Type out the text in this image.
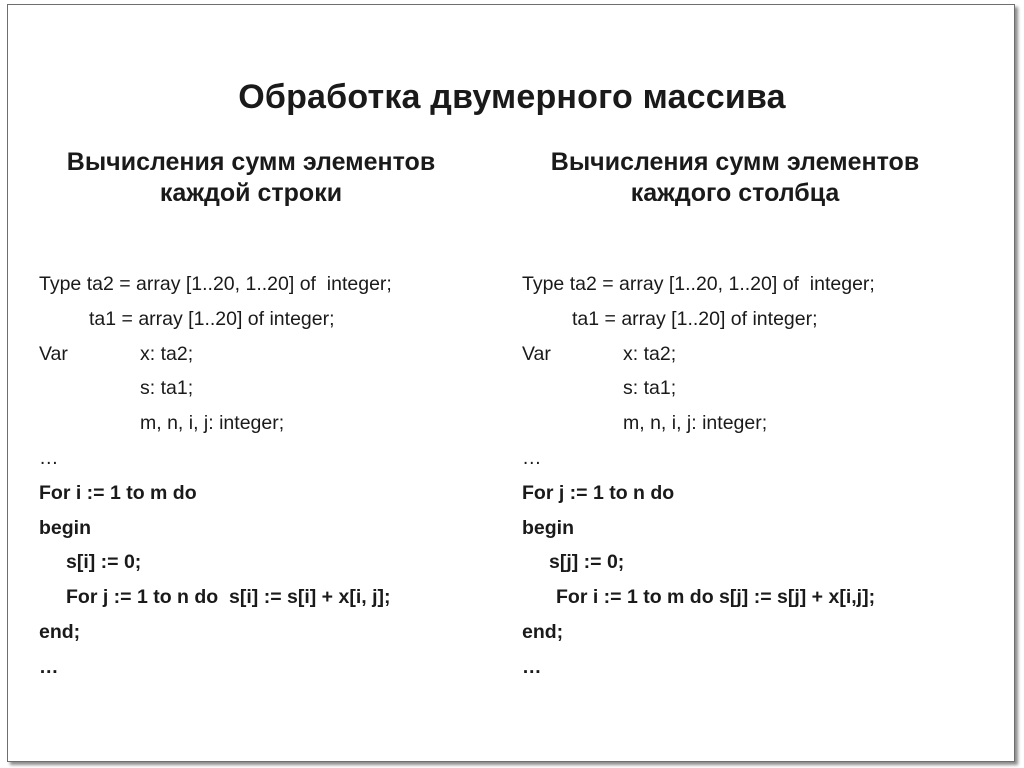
Обработка двумерного массива
Вычисления сумм элементов
каждой строки
Вычисления сумм элементов
каждого столбца
Type ta2 = array [1..20, 1..20] of  integer;
ta1 = array [1..20] of integer;
Var	x: ta2;
s: ta1;
m, n, i, j: integer;
…
For i := 1 to m do
begin
s[i] := 0;
For j := 1 to n do  s[i] := s[i] + x[i, j];
end;
…
Type ta2 = array [1..20, 1..20] of  integer;
ta1 = array [1..20] of integer;
Var	x: ta2;
s: ta1;
m, n, i, j: integer;
…
For j := 1 to n do
begin
s[j] := 0;
For i := 1 to m do s[j] := s[j] + x[i,j];
end;
…
